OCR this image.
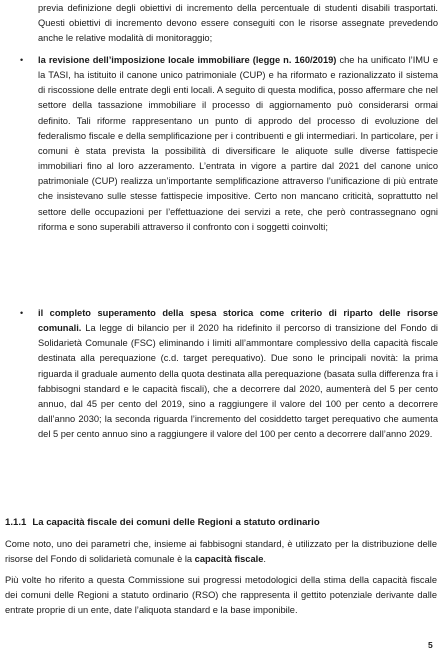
previa definizione degli obiettivi di incremento della percentuale di studenti disabili trasportati. Questi obiettivi di incremento devono essere conseguiti con le risorse assegnate prevedendo anche le relative modalità di monitoraggio;

• la revisione dell’imposizione locale immobiliare (legge n. 160/2019) che ha unificato l’IMU e la TASI, ha istituito il canone unico patrimoniale (CUP) e ha riformato e razionalizzato il sistema di riscossione delle entrate degli enti locali. A seguito di questa modifica, posso affermare che nel settore della tassazione immobiliare il processo di aggiornamento può considerarsi ormai definito. Tali riforme rappresentano un punto di approdo del processo di evoluzione del federalismo fiscale e della semplificazione per i contribuenti e gli intermediari. In particolare, per i comuni è stata prevista la possibilità di diversificare le aliquote sulle diverse fattispecie immobiliari fino al loro azzeramento. L’entrata in vigore a partire dal 2021 del canone unico patrimoniale (CUP) realizza un’importante semplificazione attraverso l’unificazione di più entrate che insistevano sulle stesse fattispecie impositive. Certo non mancano criticità, soprattutto nel settore delle occupazioni per l’effettuazione dei servizi a rete, che però contrassegnano ogni riforma e sono superabili attraverso il confronto con i soggetti coinvolti;

• il completo superamento della spesa storica come criterio di riparto delle risorse comunali. La legge di bilancio per il 2020 ha ridefinito il percorso di transizione del Fondo di Solidarietà Comunale (FSC) eliminando i limiti all’ammontare complessivo della capacità fiscale destinata alla perequazione (c.d. target perequativo). Due sono le principali novità: la prima riguarda il graduale aumento della quota destinata alla perequazione (basata sulla differenza fra i fabbisogni standard e le capacità fiscali), che a decorrere dal 2020, aumenterà del 5 per cento annuo, dal 45 per cento del 2019, sino a raggiungere il valore del 100 per cento a decorrere dall’anno 2030; la seconda riguarda l’incremento del cosiddetto target perequativo che aumenta del 5 per cento annuo sino a raggiungere il valore del 100 per cento a decorrere dall’anno 2029.

1.1.1 La capacità fiscale dei comuni delle Regioni a statuto ordinario

Come noto, uno dei parametri che, insieme ai fabbisogni standard, è utilizzato per la distribuzione delle risorse del Fondo di solidarietà comunale è la capacità fiscale.

Più volte ho riferito a questa Commissione sui progressi metodologici della stima della capacità fiscale dei comuni delle Regioni a statuto ordinario (RSO) che rappresenta il gettito potenziale derivante dalle entrate proprie di un ente, date l’aliquota standard e la base imponibile.

5
